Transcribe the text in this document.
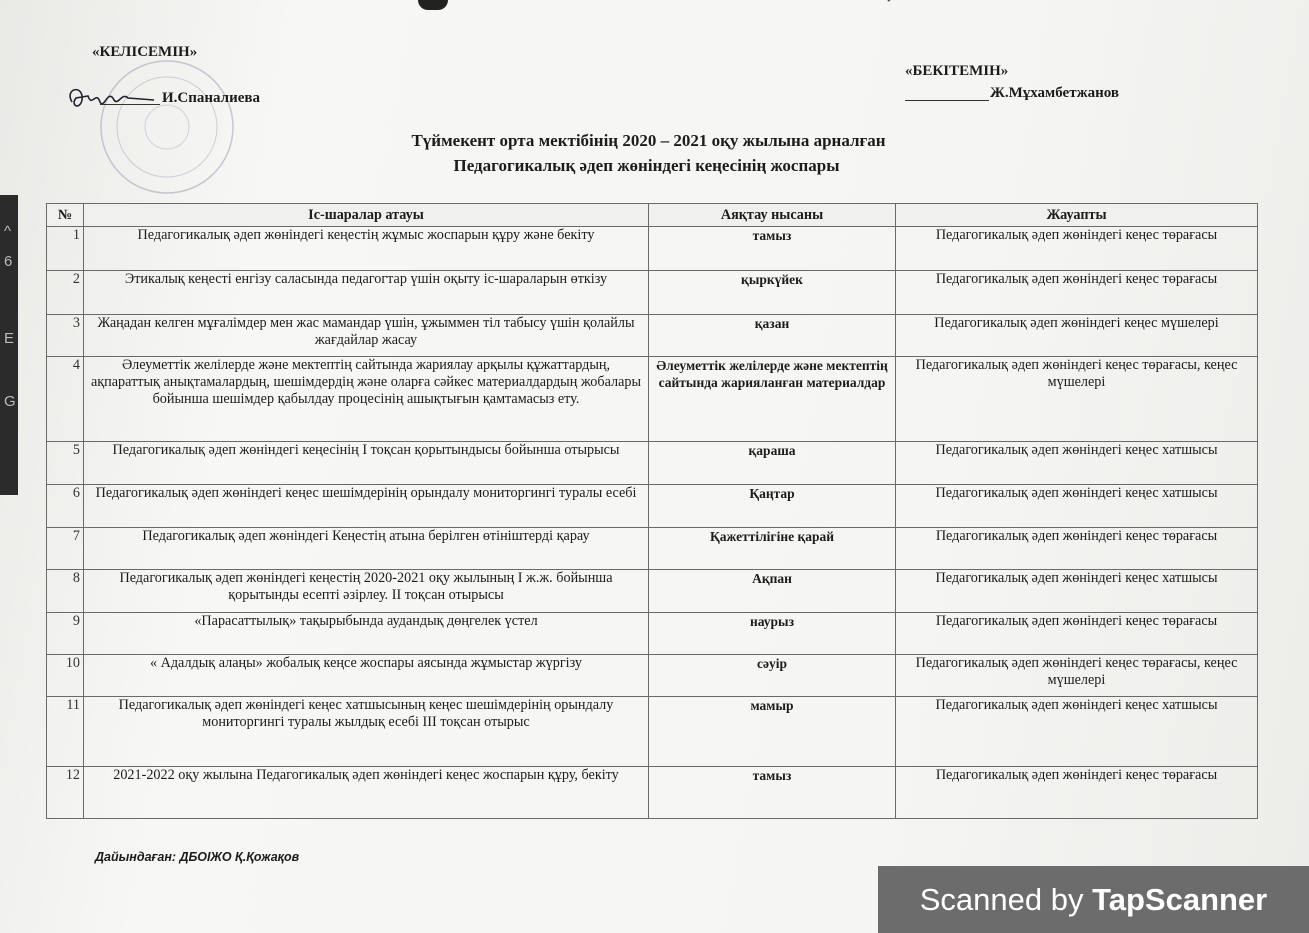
^
6
E
G
«КЕЛІСЕМІН»
И.Спаналиева
«БЕКІТЕМІН»
Ж.Мұхамбетжанов
Түймекент орта мектібінің 2020 – 2021 оқу жылына арналған
Педагогикалық әдеп жөніндегі кеңесінің жоспары
№	Іс-шаралар атауы	Аяқтау нысаны	Жауапты
1	Педагогикалық әдеп жөніндегі кеңестің жұмыс жоспарын құру және бекіту	тамыз	Педагогикалық әдеп жөніндегі кеңес төрағасы
2	Этикалық кеңесті енгізу саласында педагогтар үшін оқыту іс-шараларын өткізу	қыркүйек	Педагогикалық әдеп жөніндегі кеңес төрағасы
3	Жаңадан келген мұғалімдер мен жас мамандар үшін, ұжыммен тіл табысу үшін қолайлы жағдайлар жасау	қазан	Педагогикалық әдеп жөніндегі кеңес мүшелері
4	Әлеуметтік желілерде және мектептің сайтында жариялау арқылы құжаттардың, ақпараттық анықтамалардың, шешімдердің және оларға сәйкес материалдардың жобалары бойынша шешімдер қабылдау процесінің ашықтығын қамтамасыз ету.	Әлеуметтік желілерде және мектептің сайтында жарияланған материалдар	Педагогикалық әдеп жөніндегі кеңес төрағасы, кеңес мүшелері
5	Педагогикалық әдеп жөніндегі кеңесінің І тоқсан қорытындысы бойынша отырысы	қараша	Педагогикалық әдеп жөніндегі кеңес хатшысы
6	Педагогикалық әдеп жөніндегі кеңес шешімдерінің орындалу мониторгингі туралы есебі	Қаңтар	Педагогикалық әдеп жөніндегі кеңес хатшысы
7	Педагогикалық әдеп жөніндегі Кеңестің атына берілген өтініштерді қарау	Қажеттілігіне қарай	Педагогикалық әдеп жөніндегі кеңес төрағасы
8	Педагогикалық әдеп жөніндегі кеңестің 2020-2021 оқу жылының І ж.ж. бойынша қорытынды есепті әзірлеу. ІІ тоқсан отырысы	Ақпан	Педагогикалық әдеп жөніндегі кеңес хатшысы
9	«Парасаттылық» тақырыбында аудандық дөңгелек үстел	наурыз	Педагогикалық әдеп жөніндегі кеңес төрағасы
10	« Адалдық алаңы» жобалық кеңсе жоспары аясында жұмыстар жүргізу	сәуір	Педагогикалық әдеп жөніндегі кеңес төрағасы, кеңес мүшелері
11	Педагогикалық әдеп жөніндегі кеңес хатшысының кеңес шешімдерінің орындалу мониторгингі туралы жылдық есебі ІІІ тоқсан отырыс	мамыр	Педагогикалық әдеп жөніндегі кеңес хатшысы
12	2021-2022 оқу жылына Педагогикалық әдеп жөніндегі кеңес жоспарын құру, бекіту	тамыз	Педагогикалық әдеп жөніндегі кеңес төрағасы
Дайындаған: ДБОІЖО Қ.Қожақов
Scanned by TapScanner
